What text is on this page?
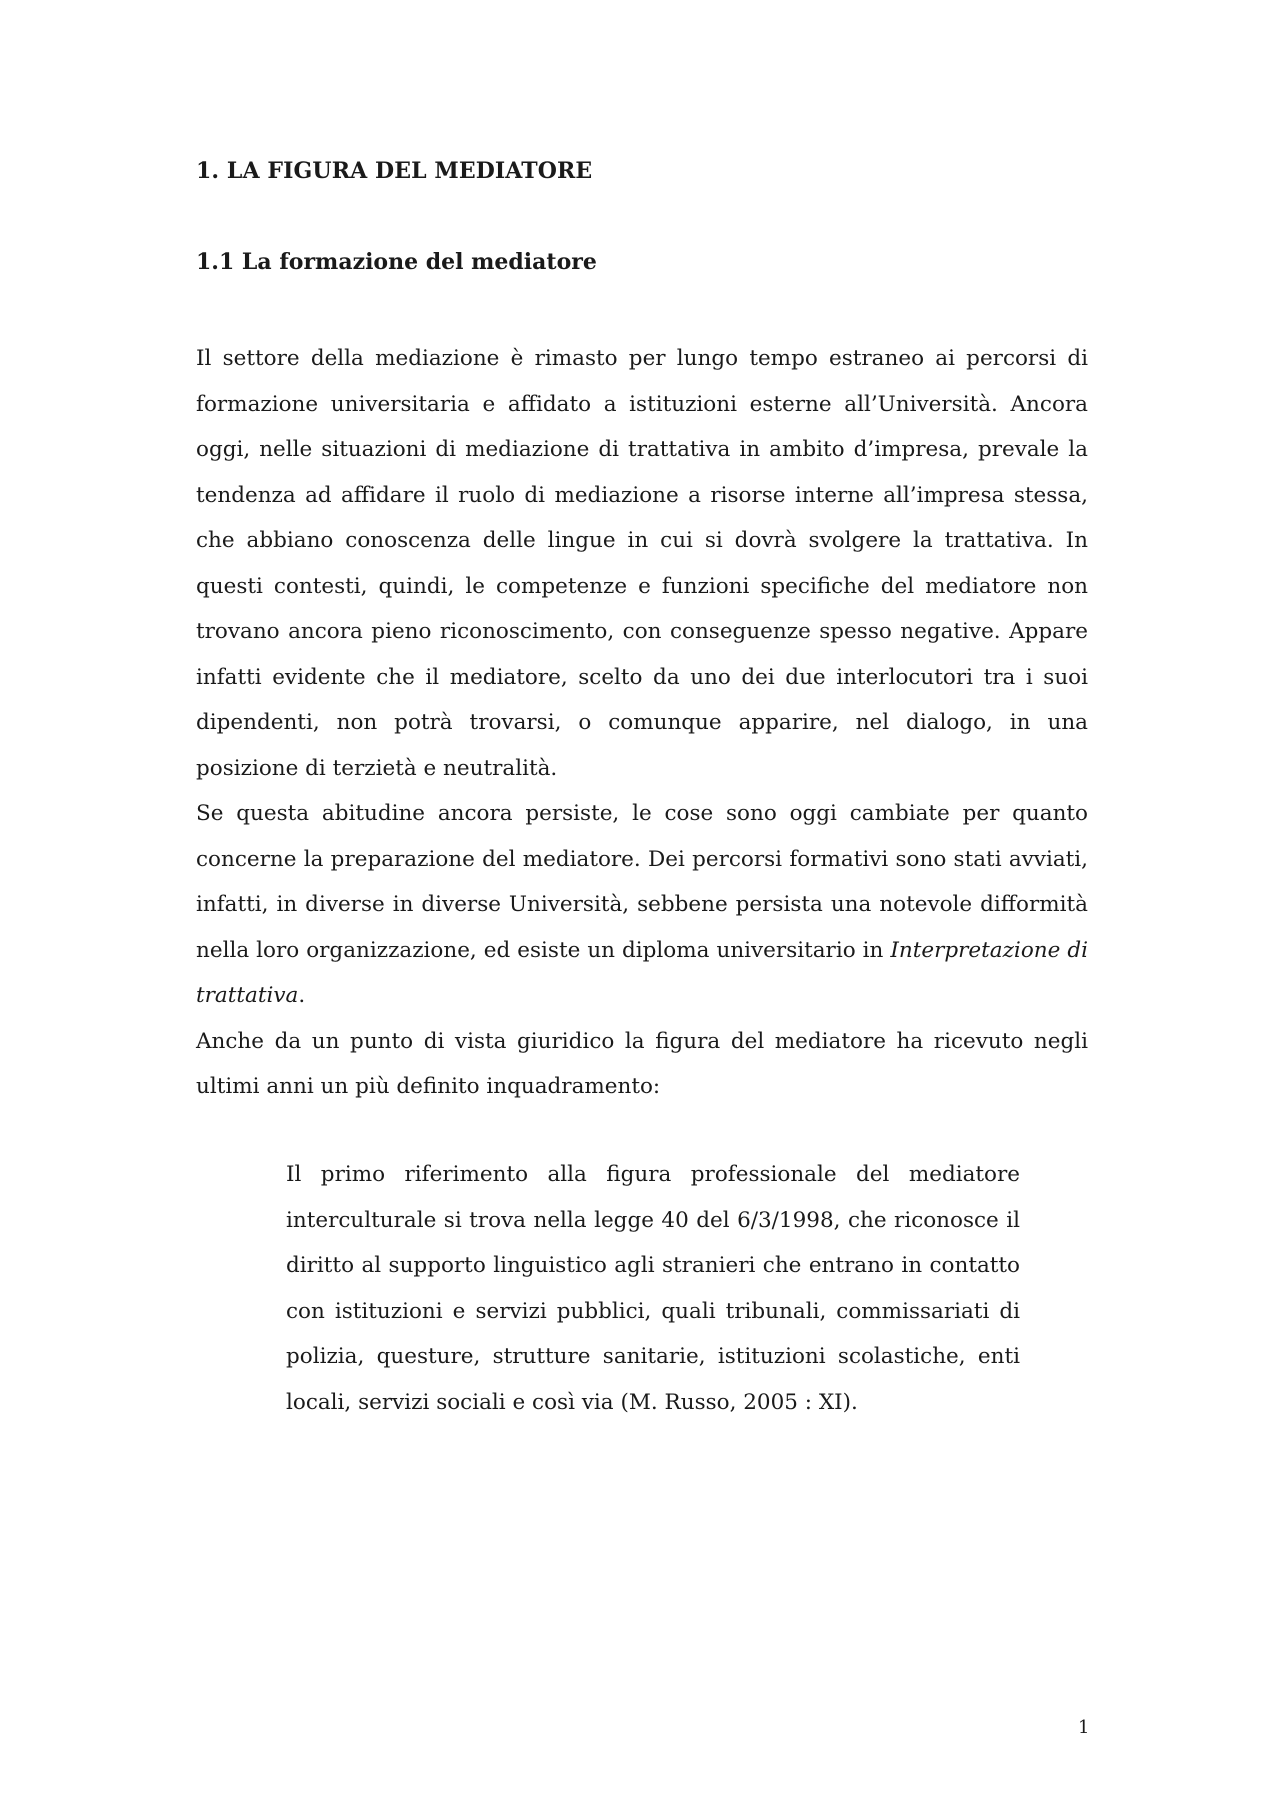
1. LA FIGURA DEL MEDIATORE
1.1 La formazione del mediatore

Il settore della mediazione è rimasto per lungo tempo estraneo ai percorsi di formazione universitaria e affidato a istituzioni esterne all’Università. Ancora oggi, nelle situazioni di mediazione di trattativa in ambito d’impresa, prevale la tendenza ad affidare il ruolo di mediazione a risorse interne all’impresa stessa, che abbiano conoscenza delle lingue in cui si dovrà svolgere la trattativa. In questi contesti, quindi, le competenze e funzioni specifiche del mediatore non trovano ancora pieno riconoscimento, con conseguenze spesso negative. Appare infatti evidente che il mediatore, scelto da uno dei due interlocutori tra i suoi dipendenti, non potrà trovarsi, o comunque apparire, nel dialogo, in una posizione di terzietà e neutralità.

Se questa abitudine ancora persiste, le cose sono oggi cambiate per quanto concerne la preparazione del mediatore. Dei percorsi formativi sono stati avviati, infatti, in diverse in diverse Università, sebbene persista una notevole difformità nella loro organizzazione, ed esiste un diploma universitario in Interpretazione di trattativa.

Anche da un punto di vista giuridico la figura del mediatore ha ricevuto negli ultimi anni un più definito inquadramento:

Il primo riferimento alla figura professionale del mediatore interculturale si trova nella legge 40 del 6/3/1998, che riconosce il diritto al supporto linguistico agli stranieri che entrano in contatto con istituzioni e servizi pubblici, quali tribunali, commissariati di polizia, questure, strutture sanitarie, istituzioni scolastiche, enti locali, servizi sociali e così via (M. Russo, 2005 : XI).
1
